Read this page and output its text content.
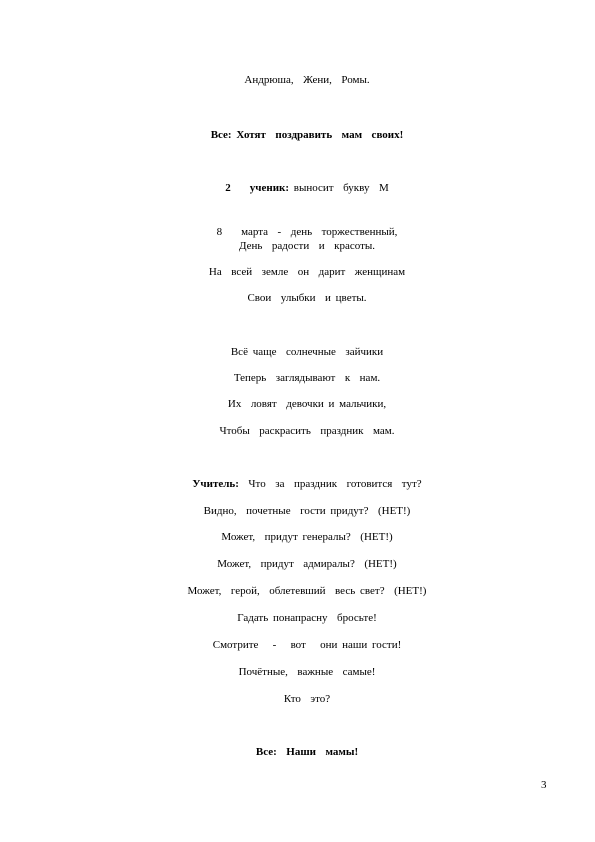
Андрюша,  Жени,  Ромы.

Все: Хотят  поздравить  мам  своих!

2    ученик: выносит  букву  М

8    марта  -  день  торжественный,

День  радости  и  красоты.

На  всей  земле  он  дарит  женщинам

Свои  улыбки  и цветы.

Всё чаще  солнечные  зайчики

Теперь  заглядывают  к  нам.

Их  ловят  девочки и мальчики,

Чтобы  раскрасить  праздник  мам.

Учитель:  Что  за  праздник  готовится  тут?

Видно,  почетные  гости придут?  (НЕТ!)

Может,  придут генералы?  (НЕТ!)

Может,  придут  адмиралы?  (НЕТ!)

Может,  герой,  облетевший  весь свет?  (НЕТ!)

Гадать понапрасну  бросьте!

Смотрите   -   вот   они наши гости!

Почётные,  важные  самые!

Кто  это?

Все:  Наши  мамы!

3
